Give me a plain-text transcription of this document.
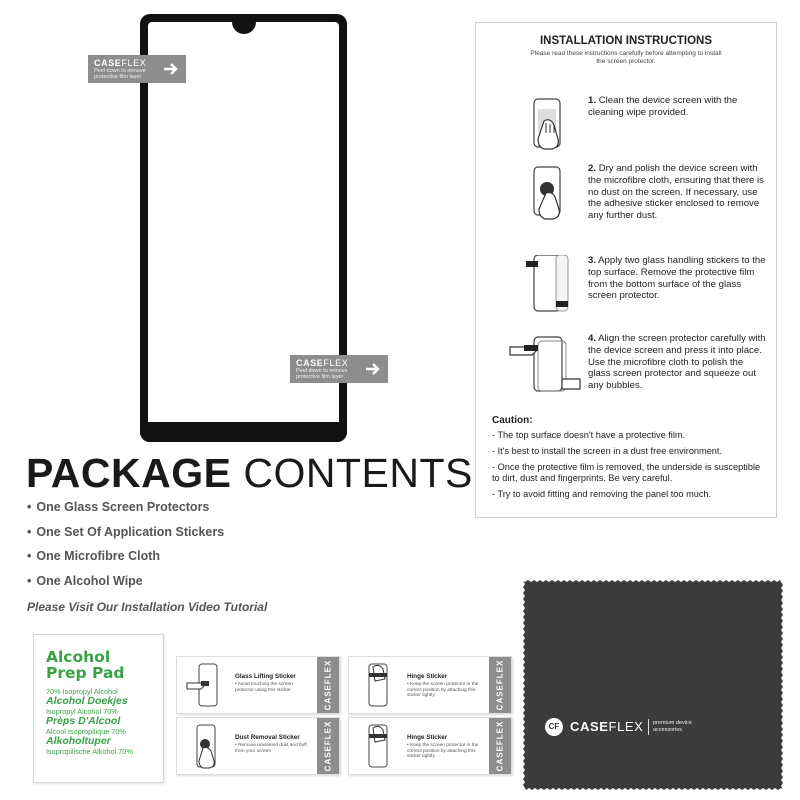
CASEFLEX
Peel down to remove protective film layer
CASEFLEX
Peel down to remove protective film layer
INSTALLATION INSTRUCTIONS
Please read these instructions carefully before attempting to install the screen protector.
1. Clean the device screen with the cleaning wipe provided.
2. Dry and polish the device screen with the microfibre cloth, ensuring that there is no dust on the screen. If necessary, use the adhesive sticker enclosed to remove any further dust.
3. Apply two glass handling stickers to the top surface. Remove the protective film from the bottom surface of the glass screen protector.
4. Align the screen protector carefully with the device screen and press it into place. Use the microfibre cloth to polish the glass screen protector and squeeze out any bubbles.
Caution:
- The top surface doesn't have a protective film.
- It's best to install the screen in a dust free environment.
- Once the protective film is removed, the underside is susceptible to dirt, dust and fingerprints. Be very careful.
- Try to avoid fitting and removing the panel too much.
PACKAGE CONTENTS
• One Glass Screen Protectors
• One Set Of Application Stickers
• One Microfibre Cloth
• One Alcohol Wipe
Please Visit Our Installation Video Tutorial
Alcohol
Prep Pad
70% Isopropyl Alcohol
Alcohol Doekjes
Isopropyl Alcohol 70%
Prèps D'Alcool
Alcool Isopropilique 70%
Alkoholtuper
Isopropilische Alkohol 70%
Glass Lifting Sticker
• Avoid touching the screen protector using this sticker	CASEFLEX	Hinge Sticker
• Keep the screen protector in the correct position by attaching this sticker tightly	CASEFLEX
Dust Removal Sticker
• Remove unwanted dust and fluff from your screen	CASEFLEX	Hinge Sticker
• Keep the screen protector in the correct position by attaching this sticker tightly	CASEFLEX	CF CASEFLEX premium device accessories
